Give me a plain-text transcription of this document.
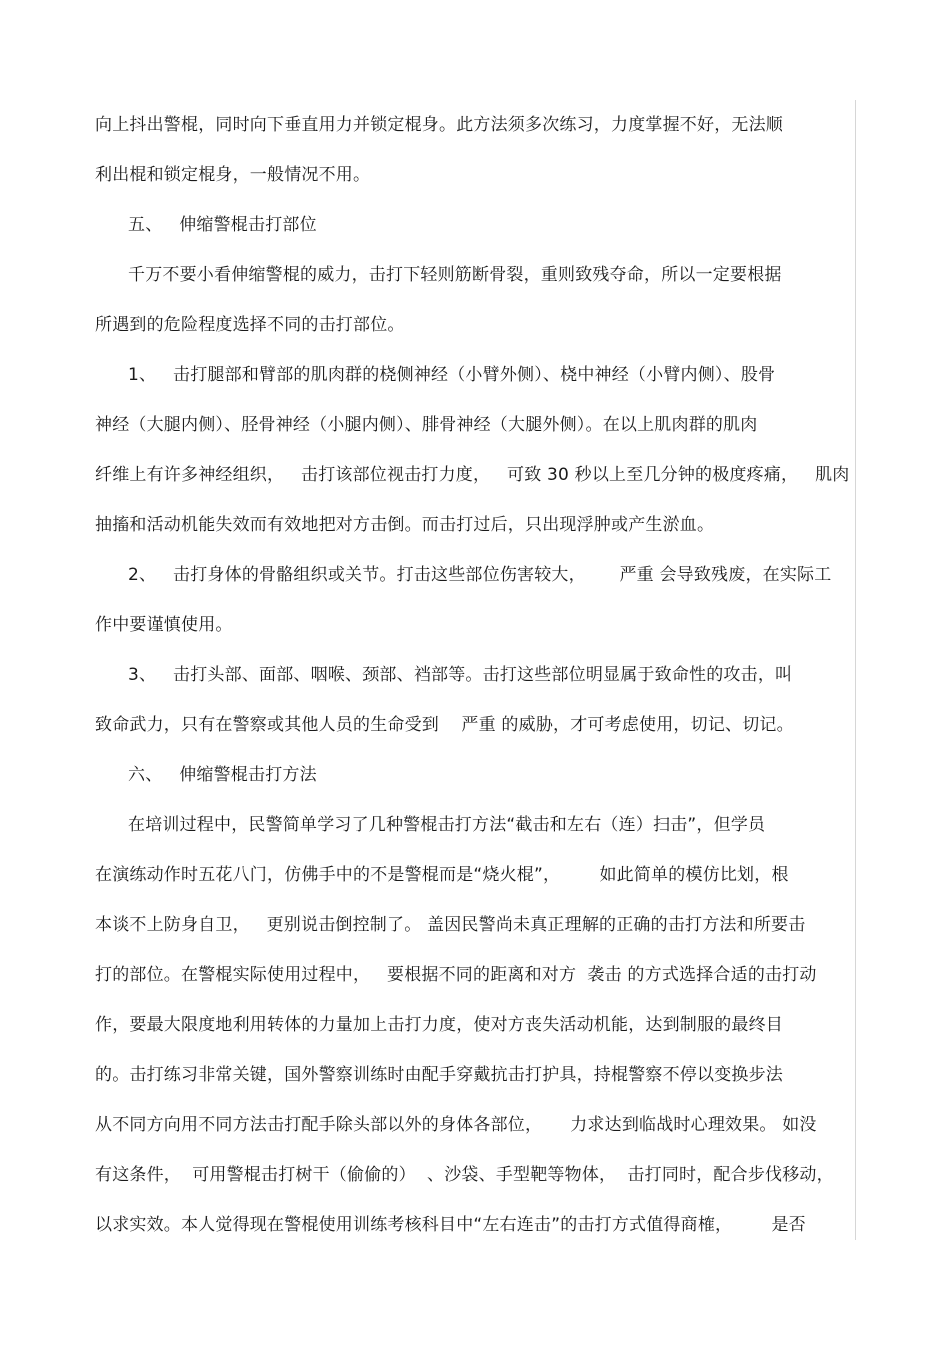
向上抖出警棍，同时向下垂直用力并锁定棍身。此方法须多次练习，力度掌握不好，无法顺
利出棍和锁定棍身，一般情况不用。
五、   伸缩警棍击打部位
千万不要小看伸缩警棍的威力，击打下轻则筋断骨裂，重则致残夺命，所以一定要根据
所遇到的危险程度选择不同的击打部位。
1、   击打腿部和臂部的肌肉群的桡侧神经（小臂外侧）、桡中神经（小臂内侧）、股骨
神经（大腿内侧）、胫骨神经（小腿内侧）、腓骨神经（大腿外侧）。在以上肌肉群的肌肉
纤维上有许多神经组织，   击打该部位视击打力度，   可致 30 秒以上至几分钟的极度疼痛，   肌肉
抽搐和活动机能失效而有效地把对方击倒。而击打过后，只出现浮肿或产生淤血。
2、   击打身体的骨骼组织或关节。打击这些部位伤害较大，      严重 会导致残废，在实际工
作中要谨慎使用。
3、   击打头部、面部、咽喉、颈部、裆部等。击打这些部位明显属于致命性的攻击，叫
致命武力，只有在警察或其他人员的生命受到    严重 的威胁，才可考虑使用，切记、切记。
六、   伸缩警棍击打方法
在培训过程中，民警简单学习了几种警棍击打方法“截击和左右（连）扫击”，但学员
在演练动作时五花八门，仿佛手中的不是警棍而是“烧火棍”，       如此简单的模仿比划，根
本谈不上防身自卫，   更别说击倒控制了。 盖因民警尚未真正理解的正确的击打方法和所要击
打的部位。在警棍实际使用过程中，   要根据不同的距离和对方  袭击 的方式选择合适的击打动
作，要最大限度地利用转体的力量加上击打力度，使对方丧失活动机能，达到制服的最终目
的。击打练习非常关键，国外警察训练时由配手穿戴抗击打护具，持棍警察不停以变换步法
从不同方向用不同方法击打配手除头部以外的身体各部位，     力求达到临战时心理效果。 如没
有这条件，  可用警棍击打树干（偷偷的）  、沙袋、手型靶等物体，  击打同时，配合步伐移动，
以求实效。本人觉得现在警棍使用训练考核科目中“左右连击”的击打方式值得商榷，       是否
